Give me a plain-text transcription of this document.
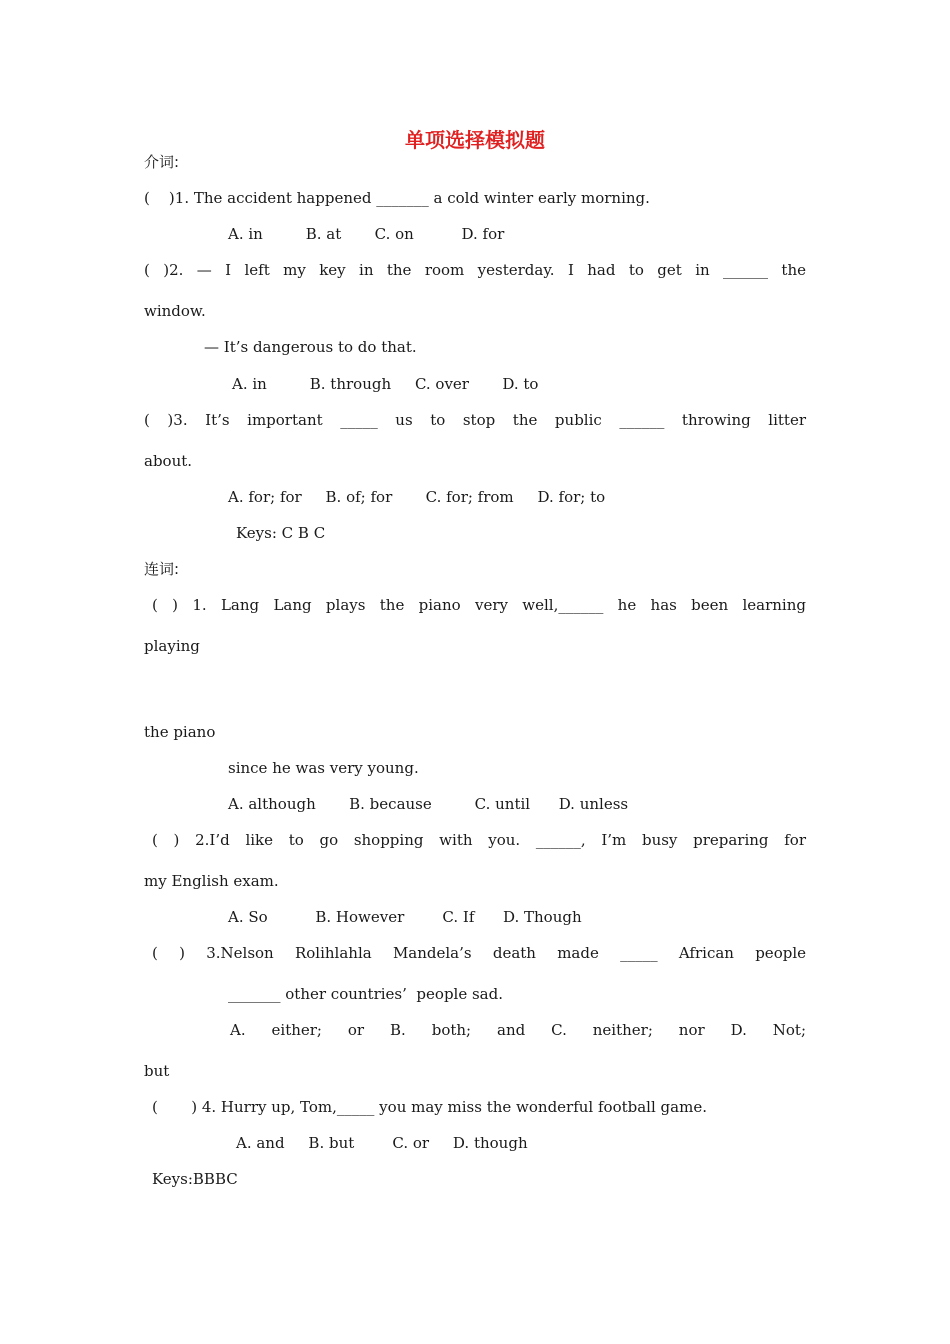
单项选择模拟题
介词:
(    )1. The accident happened _______ a cold winter early morning.
A. in         B. at       C. on          D. for
( )2. — I left my key in the room yesterday. I had to get in ______ the
window.
— It’s dangerous to do that.
A. in         B. through     C. over       D. to
( )3. It’s important _____ us to stop the public ______ throwing litter
about.
A. for; for     B. of; for       C. for; from     D. for; to
Keys: C B C
连词:
( ) 1. Lang Lang plays the piano very well,______ he has been learning
playing
the piano
since he was very young.
A. although       B. because         C. until      D. unless
( ) 2.I’d like to go shopping with you. ______, I’m busy preparing for
my English exam.
A. So          B. However        C. If      D. Though
( ) 3.Nelson Rolihlahla Mandela’s death made _____ African people
_______ other countries’  people sad.
A. either; or B. both; and C. neither; nor D. Not;
but
(       ) 4. Hurry up, Tom,_____ you may miss the wonderful football game.
A. and     B. but        C. or     D. though
Keys:BBBC
